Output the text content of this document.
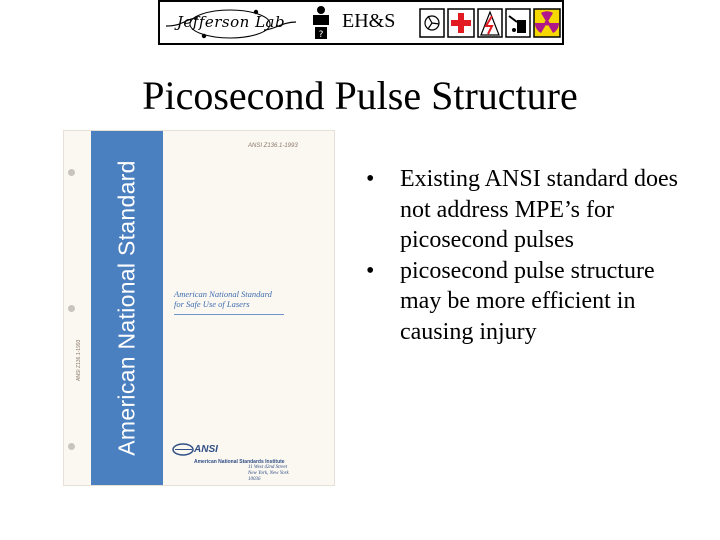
Jefferson Lab
?
EH&S
Picosecond Pulse Structure
American National Standard
ANSI Z136.1-1993
ANSI Z136.1-1993
American National Standard
for Safe Use of Lasers
ANSI
American National Standards Institute
11 West 42nd Street
New York, New York
10036
• Existing ANSI standard does not address MPE’s for picosecond pulses
• picosecond pulse structure may be more efficient in causing injury
